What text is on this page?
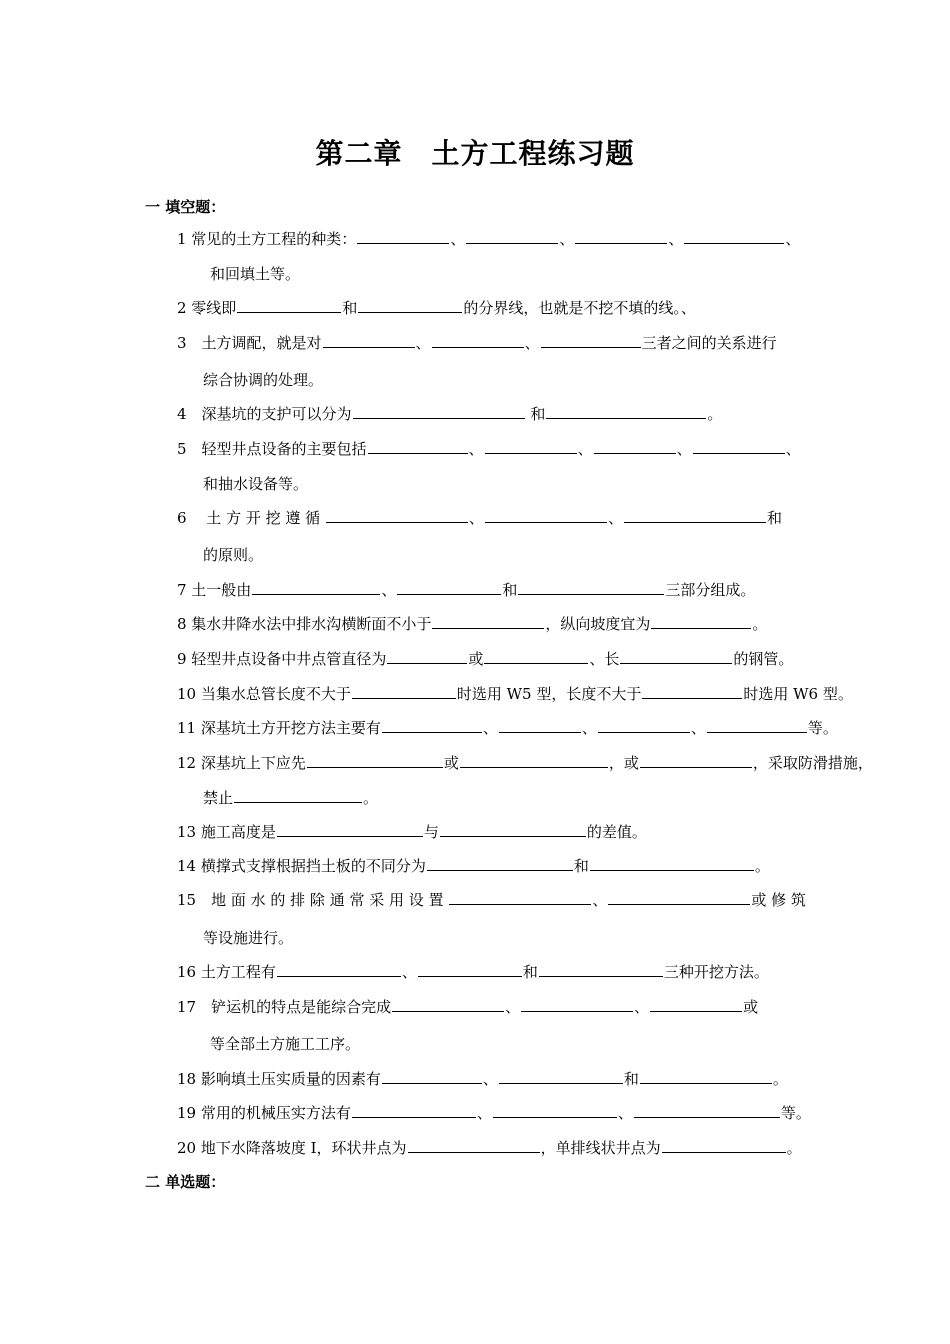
第二章　土方工程练习题
一 填空题：
1 常见的土方工程的种类：	、	、	、	、
和回填土等。
2 零线即	和	的分界线，也就是不挖不填的线。、
3　土方调配，就是对	、	、	三者之间的关系进行
综合协调的处理。
4　深基坑的支护可以分为	和	。
5　轻型井点设备的主要包括	、	、	、	、
和抽水设备等。
6　 土 方 开 挖 遵 循	、	、	和
的原则。
7 土一般由	、	和	三部分组成。
8 集水井降水法中排水沟横断面不小于	，纵向坡度宜为	。
9 轻型井点设备中井点管直径为	或	、长	的钢管。
10 当集水总管长度不大于	时选用 W5 型，长度不大于	时选用 W6 型。
11 深基坑土方开挖方法主要有	、	、	、	等。
12 深基坑上下应先	或	，或	，采取防滑措施，
禁止	。
13 施工高度是	与	的差值。
14 横撑式支撑根据挡土板的不同分为	和	。
15　地 面 水 的 排 除 通 常 采 用 设 置	、	或 修 筑
等设施进行。
16 土方工程有	、	和	三种开挖方法。
17　铲运机的特点是能综合完成	、	、	或
等全部土方施工工序。
18 影响填土压实质量的因素有	、	和	。
19 常用的机械压实方法有	、	、	等。
20 地下水降落坡度 I，环状井点为	，单排线状井点为	。
二 单选题：
